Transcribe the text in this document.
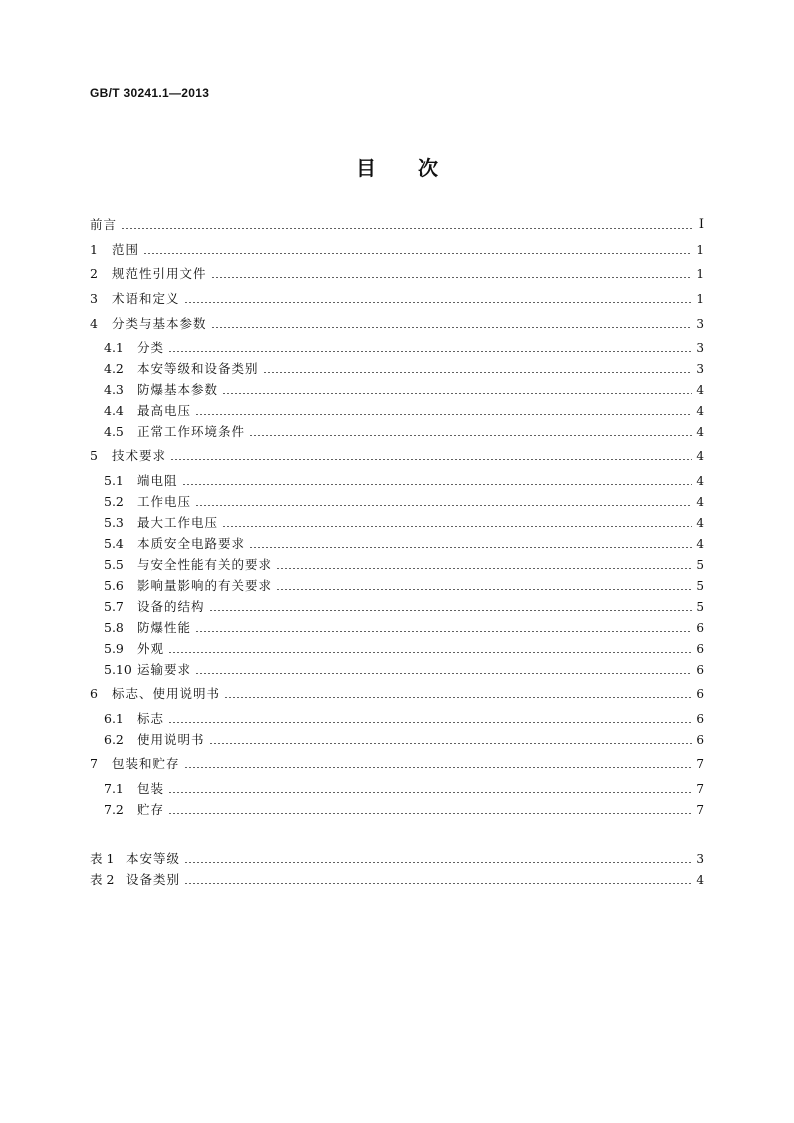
GB/T 30241.1—2013
目次
前言	I
1	范围	1
2	规范性引用文件	1
3	术语和定义	1
4	分类与基本参数	3
4.1	分类	3
4.2	本安等级和设备类别	3
4.3	防爆基本参数	4
4.4	最高电压	4
4.5	正常工作环境条件	4
5	技术要求	4
5.1	端电阻	4
5.2	工作电压	4
5.3	最大工作电压	4
5.4	本质安全电路要求	4
5.5	与安全性能有关的要求	5
5.6	影响量影响的有关要求	5
5.7	设备的结构	5
5.8	防爆性能	6
5.9	外观	6
5.10 运输要求	6
6	标志、使用说明书	6
6.1	标志	6
6.2	使用说明书	6
7	包装和贮存	7
7.1	包装	7
7.2	贮存	7
表 1 本安等级	3
表 2 设备类别	4
